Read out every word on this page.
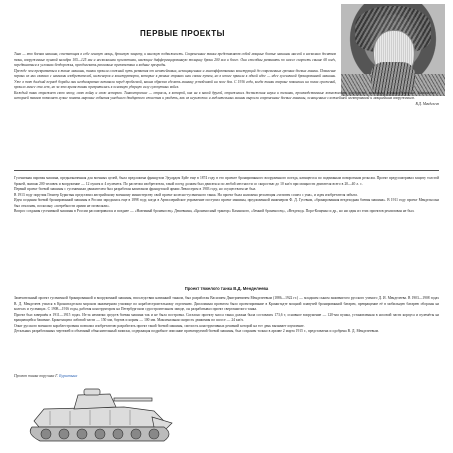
ПЕРВЫЕ ПРОЕКТЫ

Танк — это боевая машина, сочетающая в себе огневую мощь, броневую защиту, и высокую подвижность. Современные танки представляют собой мощные боевые машины массой в несколько десятков тонн, вооруженные пушкой калибра 105—125 мм и несколькими пулеметами, имеющие дифференцированную толщину брони 200 мм и более. Они способны развивать по шоссе скорость свыше 60 км/ч, передвигаться в условиях бездорожья, преодолевать различные препятствия и водные преграды.

Прежде чем превратиться в такие машины, танки прошли сложный путь развития от незатейливых, незащищенных и малоэффективных конструкций до современных грозных боевых машин. Появление первых из них связано с именами изобретателей, инженеров и конструкторов, которые в разных странах шли своим путем, но в итоге пришли к одной идее — идее гусеничной бронированной машины. Уже в тот далёкий период борьбы они неоднократно вставали перед проблемой, каким образом сделать машину устойчивой на поле боя. С 1916 года, когда танки впервые появились на полях сражений, прошло менее ста лет, но за это время танки превратились в основную ударную силу сухопутных войск.

Каждый танк отражает свою эпоху, свою войну и свою историю. Танкостроение — отрасль, в которой, как ни в какой другой, отражались достижения науки и техники, производственные возможности государств, экономика, военная доктрина. Знакомство с историей танков позволяет лучше понять мировые события ушедшего двадцатого столетия и увидеть, как из неуклюжих и медлительных машин выросли современные боевые машины, оснащенные сложнейшей электроникой и мощнейшим вооружением.

В.Д. Менделеев

Гусеничная паровая машина, предназначенная для военных целей, была предложена французом Эдуардом Буйе еще в 1874 году в его проекте бронированного вооруженного поезда, катящегося по подвижным поворотным рельсам. Проект предусматривал защиту толстой броней, экипаж 200 человек и вооружение — 12 пушек и 4 пулемета. По расчетам изобретателя, такой поезд должен был двигаться по любой местности со скоростью до 10 км/ч при мощности двигателя всего в 20—40 л. с.

Первый проект боевой машины с гусеничным движителем был разработан капитаном французской армии Левассером в 1903 году, но осуществлен не был.

В 1913 году поручик Гюнтер Бурштын представил австрийскому военному министерству свой проект колесно-гусеничного танка. На проект была наложена резолюция «человек сошел с ума», и идея изобретателя забыта.

Идея создания боевой бронированной машины в России зародилась еще в 1898 году, когда в Артиллерийское управление поступил проект машины, предложенной инженером Ф. Д. Гусевым, «бронированная вездеходная боевая машина». В 1911 году проект Мендельсона был отклонен, поскольку «потребности армии не позволяли».

Вопрос создания гусеничной машины в России рассматривался и позднее — «Наземный броненосец» Дешевкина, «Броненосный трактор» Казанского, «Земной броненосец», «Вездеход» Поро-Кощенко и др., но ни один из этих проектов реализован не был.

Проект тяжелого танка В.Д. Менделеева

Замечательный проект гусеничной бронированной и вооруженной машины, впоследствии названной танком, был разработан Василием Дмитриевичем Менделеевым (1886—1922 гг.) — младшим сыном знаменитого русского ученого Д. И. Менделеева. В 1903—1908 годах В. Д. Менделеев учился в Кронштадтском морском инженерном училище по кораблестроительному отделению. Дипломным проектом было проектирование в Кронштадте мощной плавучей бронированной батареи, превращение её в мобильную батарею обороны на колесах и гусеницах. С 1908—1916 годы, работая конструктором на Петербургском судостроительном заводе, он разрабатывал проект сверхтяжелого танка.

Проект был завершён в 1911—1915 годах. Из-за нехватки средств боевая машина так и не была построена. Согласно проекту масса танка должна была составлять 173,6 т, основное вооружение — 120-мм пушка, установленная в носовой части корпуса и пулемёты на вращающейся башенке. Бронезащита лобовой части — 150 мм, бортов и кормы — 100 мм. Максимальная скорость движения по шоссе — 24 км/ч.

Опыт русского военного кораблестроения позволил изобретателю разработать проект такой боевой машины, смелость конструктивных решений которой на тот день вызывает изумление.

Детальных разработанных чертежей и объемный объяснительный записки, содержащая подробное описание проектируемой боевой машины, был сохранен только в архиве 2 марта 1915 г., представлена и одобрена В. Д. Менделеевым.

Проект танка поручика Г. Бурштына
